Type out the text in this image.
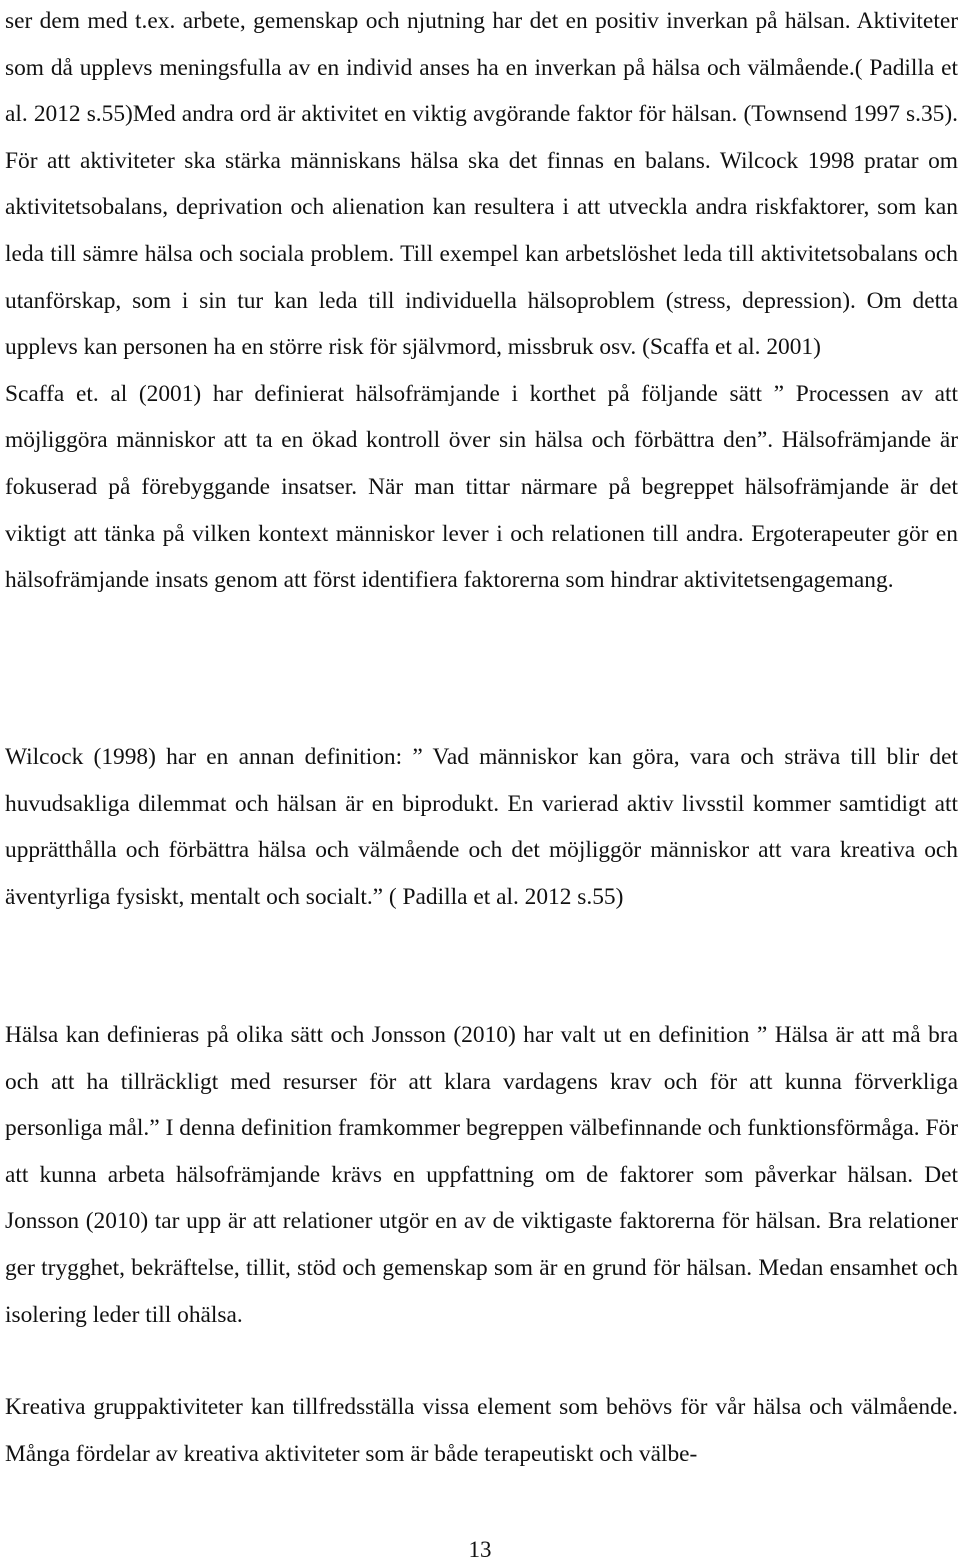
ser dem med t.ex. arbete, gemenskap och njutning har det en positiv inverkan på hälsan. Aktiviteter som då upplevs meningsfulla av en individ anses ha en inverkan på hälsa och välmående.( Padilla et al. 2012 s.55)Med andra ord är aktivitet en viktig avgörande faktor för hälsan. (Townsend 1997 s.35). För att aktiviteter ska stärka människans hälsa ska det finnas en balans. Wilcock 1998 pratar om aktivitetsobalans, deprivation och alienation kan resultera i att utveckla andra riskfaktorer, som kan leda till sämre hälsa och sociala problem. Till exempel kan arbetslöshet leda till aktivitetsobalans och utanförskap, som i sin tur kan leda till individuella hälsoproblem (stress, depression). Om detta upplevs kan personen ha en större risk för självmord, missbruk osv. (Scaffa et al. 2001)

Scaffa et. al (2001) har definierat hälsofrämjande i korthet på följande sätt ” Processen av att möjliggöra människor att ta en ökad kontroll över sin hälsa och förbättra den”. Hälsofrämjande är fokuserad på förebyggande insatser. När man tittar närmare på begreppet hälsofrämjande är det viktigt att tänka på vilken kontext människor lever i och relationen till andra. Ergoterapeuter gör en hälsofrämjande insats genom att först identifiera faktorerna som hindrar aktivitetsengagemang.

Wilcock (1998) har en annan definition: ” Vad människor kan göra, vara och sträva till blir det huvudsakliga dilemmat och hälsan är en biprodukt. En varierad aktiv livsstil kommer samtidigt att upprätthålla och förbättra hälsa och välmående och det möjliggör människor att vara kreativa och äventyrliga fysiskt, mentalt och socialt.” ( Padilla et al. 2012 s.55)

Hälsa kan definieras på olika sätt och Jonsson (2010) har valt ut en definition ” Hälsa är att må bra och att ha tillräckligt med resurser för att klara vardagens krav och för att kunna förverkliga personliga mål.” I denna definition framkommer begreppen välbefinnande och funktionsförmåga. För att kunna arbeta hälsofrämjande krävs en uppfattning om de faktorer som påverkar hälsan. Det Jonsson (2010) tar upp är att relationer utgör en av de viktigaste faktorerna för hälsan. Bra relationer ger trygghet, bekräftelse, tillit, stöd och gemenskap som är en grund för hälsan. Medan ensamhet och isolering leder till ohälsa.

Kreativa gruppaktiviteter kan tillfredsställa vissa element som behövs för vår hälsa och välmående. Många fördelar av kreativa aktiviteter som är både terapeutiskt och välbe-

13
